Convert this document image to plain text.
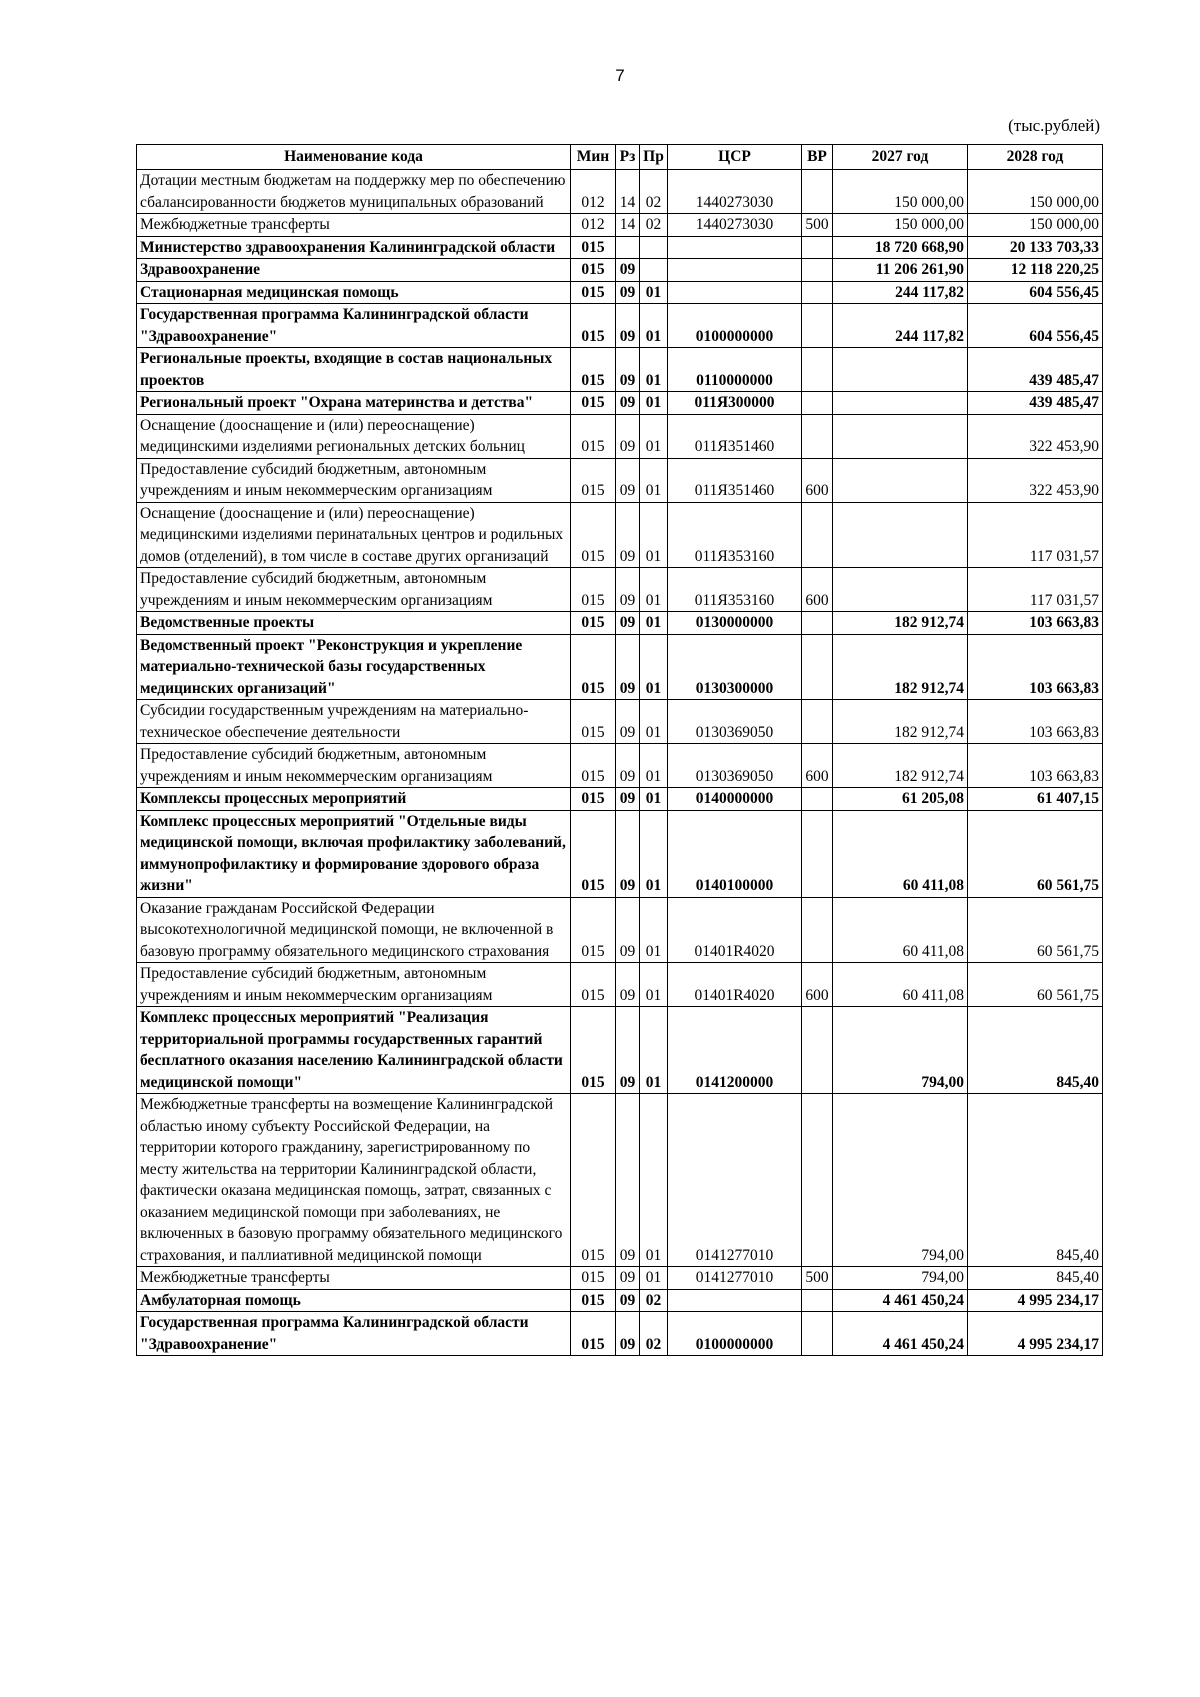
7
(тыс.рублей)
Наименование кода	Мин	Рз	Пр	ЦСР	ВР	2027 год	2028 год
Дотации местным бюджетам на поддержку мер по обеспечению сбалансированности бюджетов муниципальных образований	012	14	02	1440273030		150 000,00	150 000,00
Межбюджетные трансферты	012	14	02	1440273030	500	150 000,00	150 000,00
Министерство здравоохранения Калининградской области	015					18 720 668,90	20 133 703,33
Здравоохранение	015	09				11 206 261,90	12 118 220,25
Стационарная медицинская помощь	015	09	01			244 117,82	604 556,45
Государственная программа Калининградской области "Здравоохранение"	015	09	01	0100000000		244 117,82	604 556,45
Региональные проекты, входящие в состав национальных проектов	015	09	01	0110000000			439 485,47
Региональный проект "Охрана материнства и детства"	015	09	01	011Я300000			439 485,47
Оснащение (дооснащение и (или) переоснащение) медицинскими изделиями региональных детских больниц	015	09	01	011Я351460			322 453,90
Предоставление субсидий бюджетным, автономным учреждениям и иным некоммерческим организациям	015	09	01	011Я351460	600		322 453,90
Оснащение (дооснащение и (или) переоснащение) медицинскими изделиями перинатальных центров и родильных домов (отделений), в том числе в составе других организаций	015	09	01	011Я353160			117 031,57
Предоставление субсидий бюджетным, автономным учреждениям и иным некоммерческим организациям	015	09	01	011Я353160	600		117 031,57
Ведомственные проекты	015	09	01	0130000000		182 912,74	103 663,83
Ведомственный проект "Реконструкция и укрепление материально-технической базы государственных медицинских организаций"	015	09	01	0130300000		182 912,74	103 663,83
Субсидии государственным учреждениям на материально-техническое обеспечение деятельности	015	09	01	0130369050		182 912,74	103 663,83
Предоставление субсидий бюджетным, автономным учреждениям и иным некоммерческим организациям	015	09	01	0130369050	600	182 912,74	103 663,83
Комплексы процессных мероприятий	015	09	01	0140000000		61 205,08	61 407,15
Комплекс процессных мероприятий "Отдельные виды медицинской помощи, включая профилактику заболеваний, иммунопрофилактику и формирование здорового образа жизни"	015	09	01	0140100000		60 411,08	60 561,75
Оказание гражданам Российской Федерации высокотехнологичной медицинской помощи, не включенной в базовую программу обязательного медицинского страхования	015	09	01	01401R4020		60 411,08	60 561,75
Предоставление субсидий бюджетным, автономным учреждениям и иным некоммерческим организациям	015	09	01	01401R4020	600	60 411,08	60 561,75
Комплекс процессных мероприятий "Реализация территориальной программы государственных гарантий бесплатного оказания населению Калининградской области медицинской помощи"	015	09	01	0141200000		794,00	845,40
Межбюджетные трансферты на возмещение Калининградской областью иному субъекту Российской Федерации, на территории которого гражданину, зарегистрированному по месту жительства на территории Калининградской области, фактически оказана медицинская помощь, затрат, связанных с оказанием медицинской помощи при заболеваниях, не включенных в базовую программу обязательного медицинского страхования, и паллиативной медицинской помощи	015	09	01	0141277010		794,00	845,40
Межбюджетные трансферты	015	09	01	0141277010	500	794,00	845,40
Амбулаторная помощь	015	09	02			4 461 450,24	4 995 234,17
Государственная программа Калининградской области "Здравоохранение"	015	09	02	0100000000		4 461 450,24	4 995 234,17
